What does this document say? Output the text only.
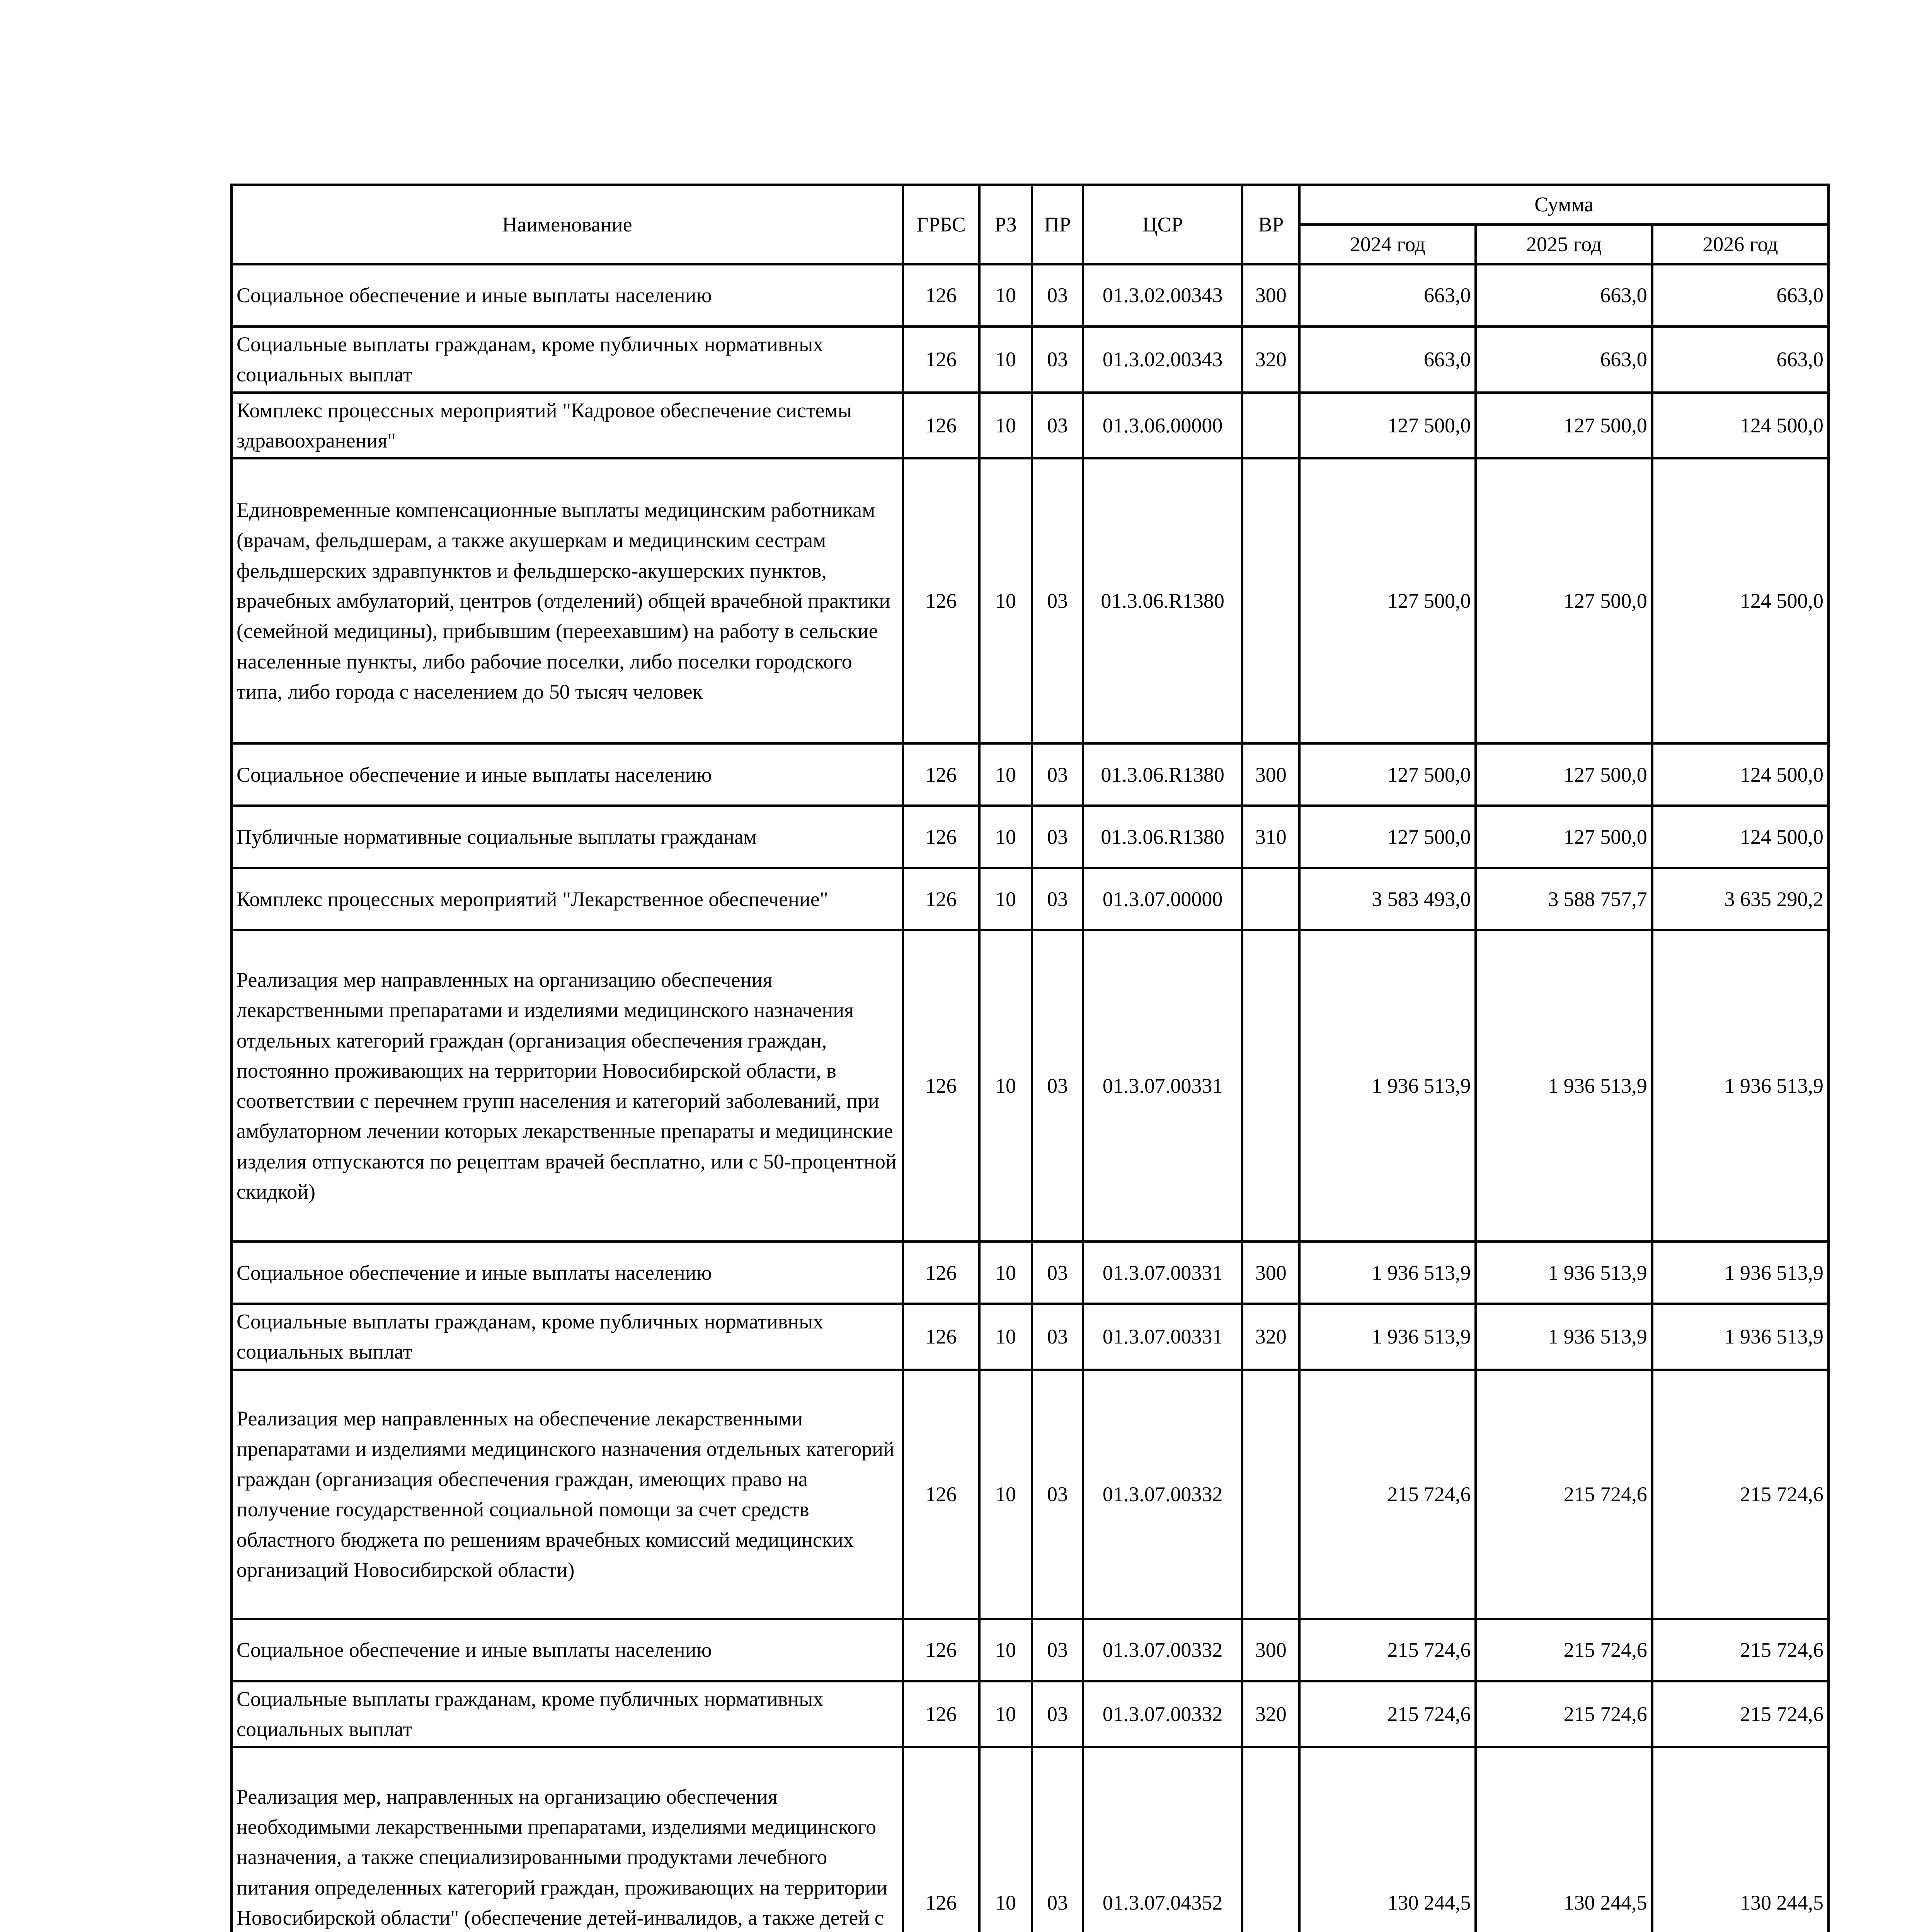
Наименование	ГРБС	РЗ	ПР	ЦСР	ВР	Сумма		
						2024 год	2025 год	2026 год
Социальное обеспечение и иные выплаты населению	126	10	03	01.3.02.00343	300	663,0	663,0	663,0
Социальные выплаты гражданам, кроме публичных нормативных социальных выплат	126	10	03	01.3.02.00343	320	663,0	663,0	663,0
Комплекс процессных мероприятий "Кадровое обеспечение системы здравоохранения"	126	10	03	01.3.06.00000		127 500,0	127 500,0	124 500,0
Единовременные компенсационные выплаты медицинским работникам (врачам, фельдшерам, а также акушеркам и медицинским сестрам фельдшерских здравпунктов и фельдшерско-акушерских пунктов, врачебных амбулаторий, центров (отделений) общей врачебной практики (семейной медицины), прибывшим (переехавшим) на работу в сельские населенные пункты, либо рабочие поселки, либо поселки городского типа, либо города с населением до 50 тысяч человек	126	10	03	01.3.06.R1380		127 500,0	127 500,0	124 500,0
Социальное обеспечение и иные выплаты населению	126	10	03	01.3.06.R1380	300	127 500,0	127 500,0	124 500,0
Публичные нормативные социальные выплаты гражданам	126	10	03	01.3.06.R1380	310	127 500,0	127 500,0	124 500,0
Комплекс процессных мероприятий "Лекарственное обеспечение"	126	10	03	01.3.07.00000		3 583 493,0	3 588 757,7	3 635 290,2
Реализация мер направленных на организацию обеспечения лекарственными препаратами и изделиями медицинского назначения отдельных категорий граждан (организация обеспечения граждан, постоянно проживающих на территории Новосибирской области, в соответствии с перечнем групп населения и категорий заболеваний, при амбулаторном лечении которых лекарственные препараты и медицинские изделия отпускаются по рецептам врачей бесплатно, или с 50-процентной скидкой)	126	10	03	01.3.07.00331		1 936 513,9	1 936 513,9	1 936 513,9
Социальное обеспечение и иные выплаты населению	126	10	03	01.3.07.00331	300	1 936 513,9	1 936 513,9	1 936 513,9
Социальные выплаты гражданам, кроме публичных нормативных социальных выплат	126	10	03	01.3.07.00331	320	1 936 513,9	1 936 513,9	1 936 513,9
Реализация мер направленных на обеспечение лекарственными препаратами и изделиями медицинского назначения отдельных категорий граждан (организация обеспечения граждан, имеющих право на получение государственной социальной помощи за счет средств областного бюджета по решениям врачебных комиссий медицинских организаций Новосибирской области)	126	10	03	01.3.07.00332		215 724,6	215 724,6	215 724,6
Социальное обеспечение и иные выплаты населению	126	10	03	01.3.07.00332	300	215 724,6	215 724,6	215 724,6
Социальные выплаты гражданам, кроме публичных нормативных социальных выплат	126	10	03	01.3.07.00332	320	215 724,6	215 724,6	215 724,6
Реализация мер, направленных на организацию обеспечения необходимыми лекарственными препаратами, изделиями медицинского назначения, а также специализированными продуктами лечебного питания определенных категорий граждан, проживающих на территории Новосибирской области" (обеспечение детей-инвалидов, а также детей с	126	10	03	01.3.07.04352		130 244,5	130 244,5	130 244,5
